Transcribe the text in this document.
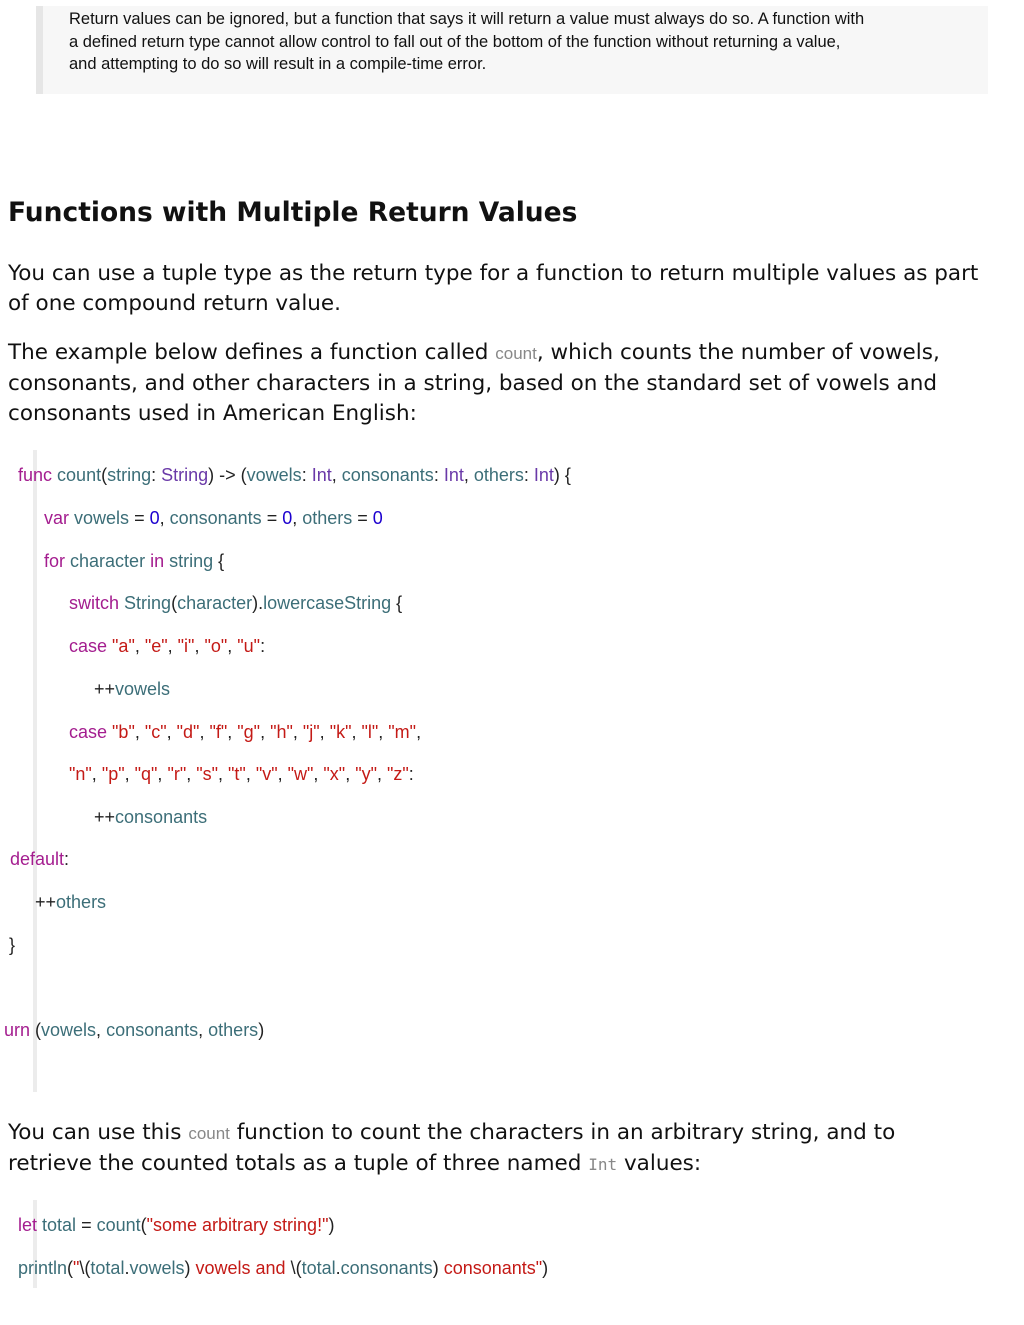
Return values can be ignored, but a function that says it will return a value must always do so. A function with
a defined return type cannot allow control to fall out of the bottom of the function without returning a value,
and attempting to do so will result in a compile-time error.
Functions with Multiple Return Values

You can use a tuple type as the return type for a function to return multiple values as part
of one compound return value.

The example below defines a function called count, which counts the number of vowels,
consonants, and other characters in a string, based on the standard set of vowels and
consonants used in American English:

func count(string: String) -> (vowels: Int, consonants: Int, others: Int) {
var vowels = 0, consonants = 0, others = 0
for character in string {
switch String(character).lowercaseString {
case "a", "e", "i", "o", "u":
++vowels
case "b", "c", "d", "f", "g", "h", "j", "k", "l", "m",
"n", "p", "q", "r", "s", "t", "v", "w", "x", "y", "z":
++consonants
default:
++others
}
urn (vowels, consonants, others)

You can use this count function to count the characters in an arbitrary string, and to
retrieve the counted totals as a tuple of three named Int values:

let total = count("some arbitrary string!")
println("\(total.vowels) vowels and \(total.consonants) consonants")
